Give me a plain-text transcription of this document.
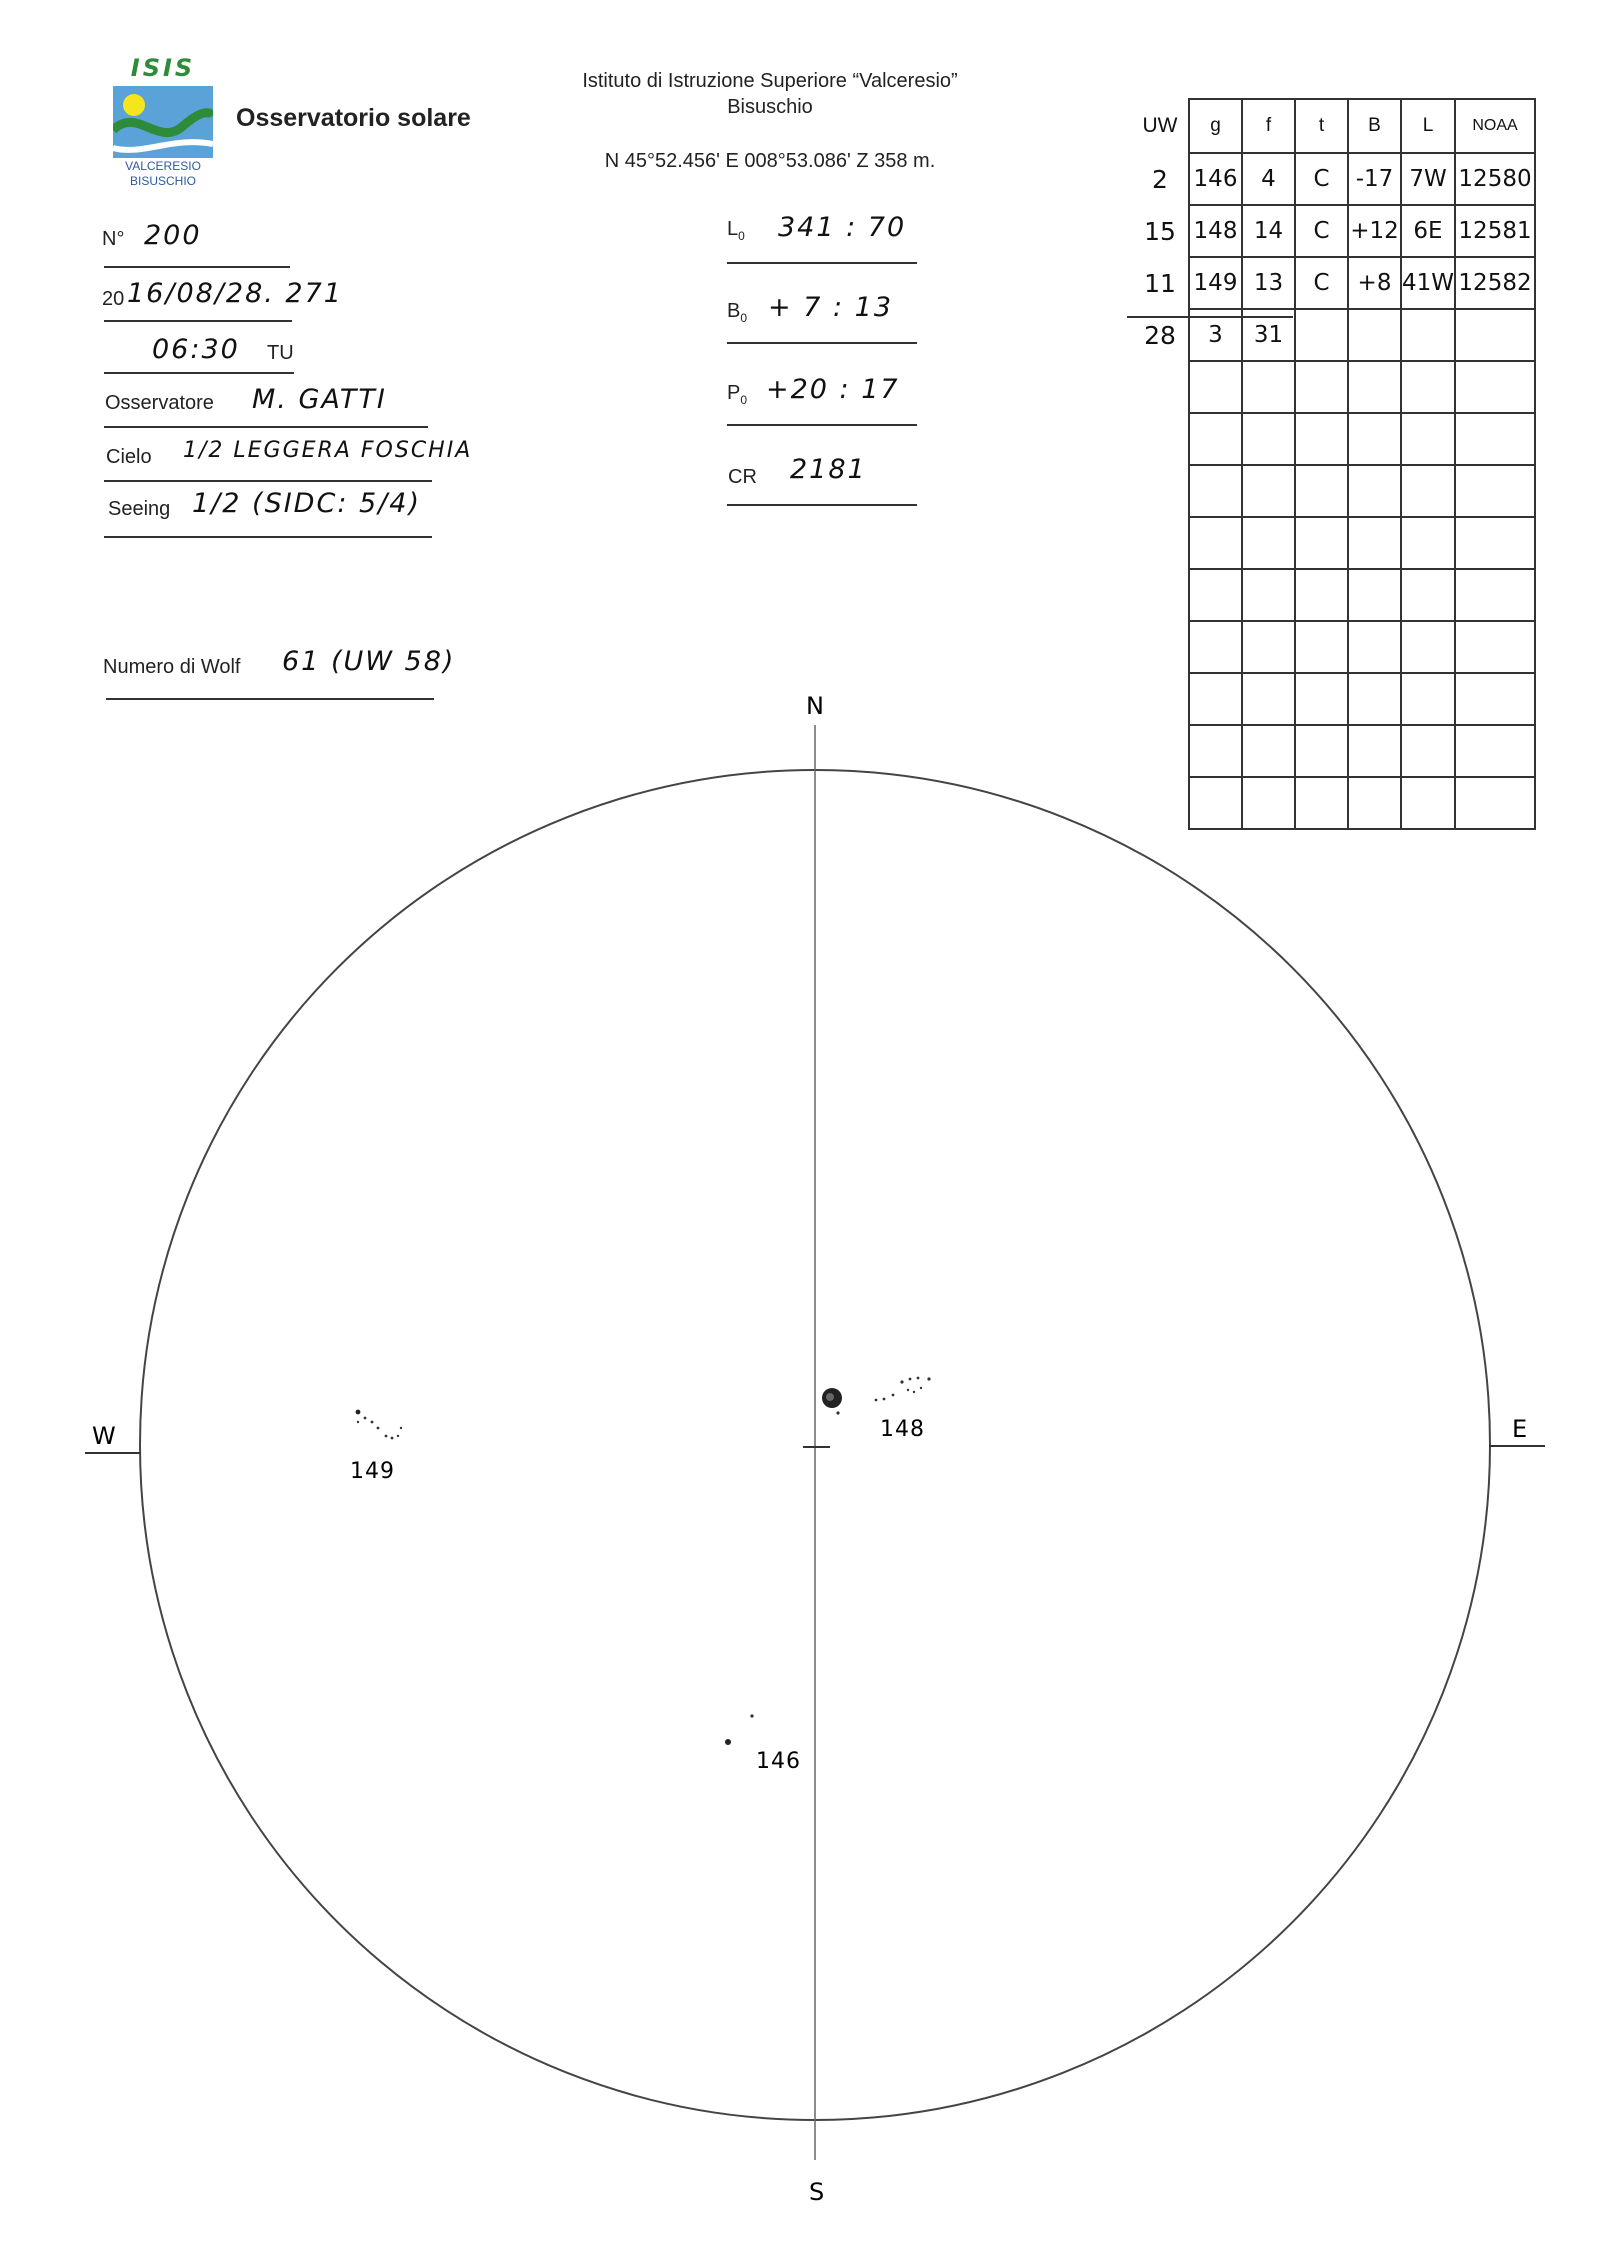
ISIS
VALCERESIO
BISUSCHIO
Osservatorio solare
Istituto di Istruzione Superiore “Valceresio”
Bisuschio
N 45°52.456' E 008°53.086' Z 358 m.
N° 200
20 16/08/28. 271
06:30 TU
Osservatore M. GATTI
Cielo 1/2 LEGGERA FOSCHIA
Seeing 1/2 (SIDC: 5/4)
Numero di Wolf 61 (UW 58)
$L_0$ 341 : 70
$B_0 + 7$ : 13
$P_0 +20$ : 17
CR 2181
UW	g	f	t	B	L	NOAA
2	146	4	C	-17	7W	12580
15	148	14	C	+12	6E	12581
11	149	13	C	+8	41W	12582
28	3	31				

N
S
W	E
148
149
146
